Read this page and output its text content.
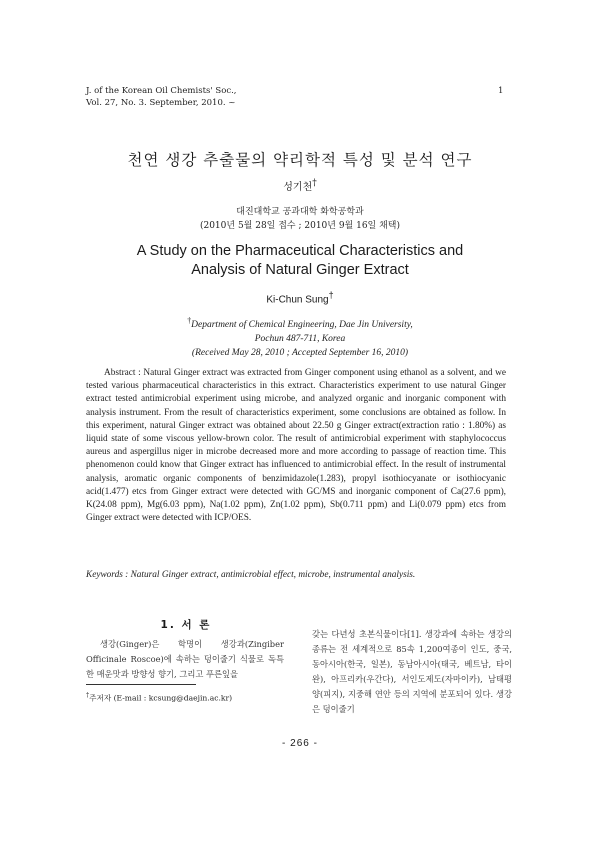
J. of the Korean Oil Chemists' Soc.,
Vol. 27, No. 3. September, 2010. ~
1
천연 생강 추출물의 약리학적 특성 및 분석 연구
성기천†
대진대학교 공과대학 화학공학과
(2010년 5월 28일 접수 ; 2010년 9월 16일 채택)
A Study on the Pharmaceutical Characteristics and
Analysis of Natural Ginger Extract
Ki-Chun Sung†
†Department of Chemical Engineering, Dae Jin University,
Pochun 487-711, Korea
(Received May 28, 2010 ; Accepted September 16, 2010)
Abstract : Natural Ginger extract was extracted from Ginger component using ethanol as a solvent, and we tested various pharmaceutical characteristics in this extract. Characteristics experiment to use natural Ginger extract tested antimicrobial experiment using microbe, and analyzed organic and inorganic component with analysis instrument. From the result of characteristics experiment, some conclusions are obtained as follow. In this experiment, natural Ginger extract was obtained about 22.50 g Ginger extract(extraction ratio : 1.80%) as liquid state of some viscous yellow-brown color. The result of antimicrobial experiment with staphylococcus aureus and aspergillus niger in microbe decreased more and more according to passage of reaction time. This phenomenon could know that Ginger extract has influenced to antimicrobial effect. In the result of instrumental analysis, aromatic organic components of benzimidazole(1.283), propyl isothiocyanate or isothiocyanic acid(1.477) etcs from Ginger extract were detected with GC/MS and inorganic component of Ca(27.6 ppm), K(24.08 ppm), Mg(6.03 ppm), Na(1.02 ppm), Zn(1.02 ppm), Sb(0.711 ppm) and Li(0.079 ppm) etcs from Ginger extract were detected with ICP/OES.
Keywords : Natural Ginger extract, antimicrobial effect, microbe, instrumental analysis.
1. 서 론
생강(Ginger)은 학명이 생강과(Zingiber Officinale Roscoe)에 속하는 덩이줄기 식물로 독특한 매운맛과 방향성 향기, 그리고 푸른잎을
갖는 다년성 초본식물이다[1]. 생강과에 속하는 생강의 종류는 전 세계적으로 85속 1,200여종이 인도, 중국, 동아시아(한국, 일본), 동남아시아(태국, 베트남, 타이완), 아프리카(우간다), 서인도제도(자마이카), 남태평양(피지), 지중해 연안 등의 지역에 분포되어 있다. 생강은 덩이줄기
†주저자 (E-mail : kcsung@daejin.ac.kr)
- 266 -
